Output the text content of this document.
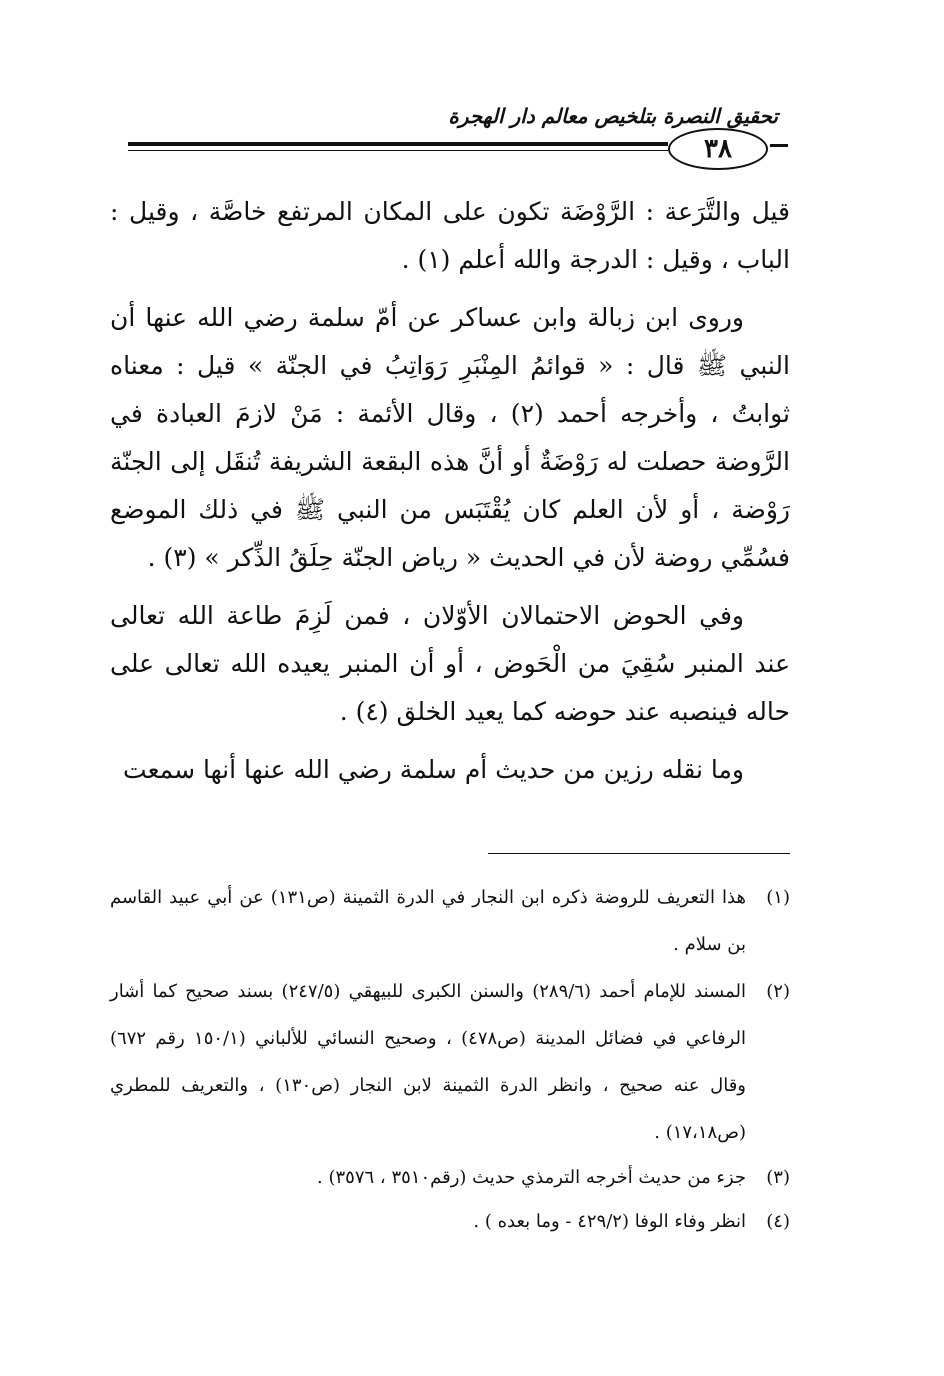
تحقيق النصرة بتلخيص معالم دار الهجرة
٣٨

قيل والتَّرَعة : الرَّوْضَة تكون على المكان المرتفع خاصَّة ، وقيل : الباب ، وقيل : الدرجة والله أعلم (١) .

وروى ابن زبالة وابن عساكر عن أمّ سلمة رضي الله عنها أن النبي ﷺ قال : « قوائمُ المِنْبَرِ رَوَاتِبُ في الجنّة » قيل : معناه ثوابتُ ، وأخرجه أحمد (٢) ، وقال الأئمة : مَنْ لازمَ العبادة في الرَّوضة حصلت له رَوْضَةٌ أو أنَّ هذه البقعة الشريفة تُنقَل إلى الجنّة رَوْضة ، أو لأن العلم كان يُقْتَبَس من النبي ﷺ في ذلك الموضع فسُمِّي روضة لأن في الحديث « رياض الجنّة حِلَقُ الذِّكر » (٣) .

وفي الحوض الاحتمالان الأوّلان ، فمن لَزِمَ طاعة الله تعالى عند المنبر سُقِيَ من الْحَوض ، أو أن المنبر يعيده الله تعالى على حاله فينصبه عند حوضه كما يعيد الخلق (٤) .

وما نقله رزين من حديث أم سلمة رضي الله عنها أنها سمعت

(١)
هذا التعريف للروضة ذكره ابن النجار في الدرة الثمينة (ص١٣١) عن أبي عبيد القاسم بن سلام .
(٢)
المسند للإمام أحمد (٢٨٩/٦) والسنن الكبرى للبيهقي (٢٤٧/٥) بسند صحيح كما أشار الرفاعي في فضائل المدينة (ص٤٧٨) ، وصحيح النسائي للألباني (١٥٠/١ رقم ٦٧٢) وقال عنه صحيح ، وانظر الدرة الثمينة لابن النجار (ص١٣٠) ، والتعريف للمطري (ص١٧،١٨) .
(٣)
جزء من حديث أخرجه الترمذي حديث (رقم٣٥١٠ ، ٣٥٧٦) .
(٤)
انظر وفاء الوفا (٤٢٩/٢ - وما بعده ) .
